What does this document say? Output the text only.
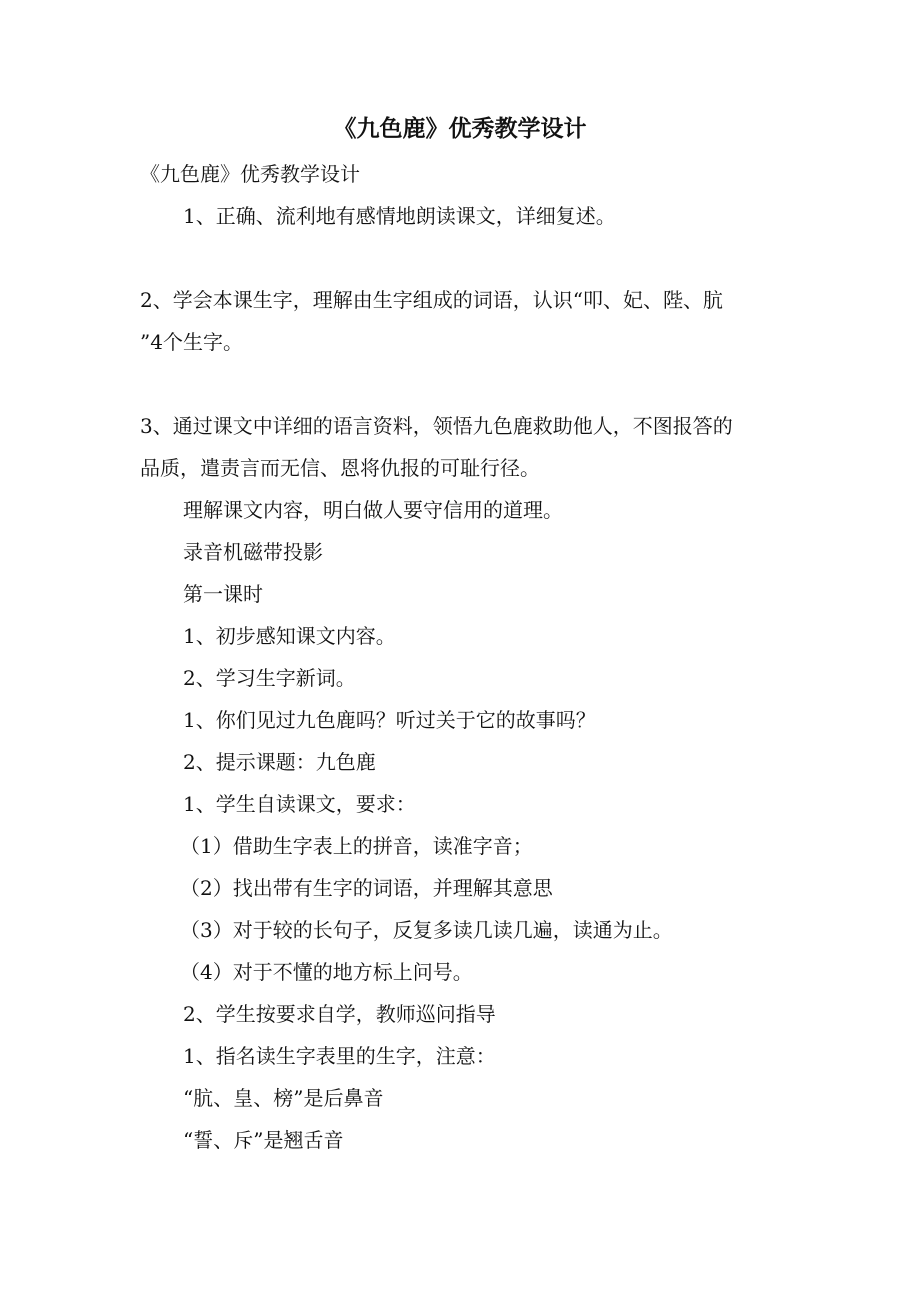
《九色鹿》优秀教学设计
《九色鹿》优秀教学设计
1、正确、流利地有感情地朗读课文，详细复述。
2、学会本课生字，理解由生字组成的词语，认识“叩、妃、陛、肮
”4个生字。
3、通过课文中详细的语言资料，领悟九色鹿救助他人，不图报答的
品质，遣责言而无信、恩将仇报的可耻行径。
理解课文内容，明白做人要守信用的道理。
录音机磁带投影
第一课时
1、初步感知课文内容。
2、学习生字新词。
1、你们见过九色鹿吗？听过关于它的故事吗？
2、提示课题：九色鹿
1、学生自读课文，要求：
（1）借助生字表上的拼音，读准字音；
（2）找出带有生字的词语，并理解其意思
（3）对于较的长句子，反复多读几读几遍，读通为止。
（4）对于不懂的地方标上问号。
2、学生按要求自学，教师巡问指导
1、指名读生字表里的生字，注意：
“肮、皇、榜”是后鼻音
“誓、斥”是翘舌音
